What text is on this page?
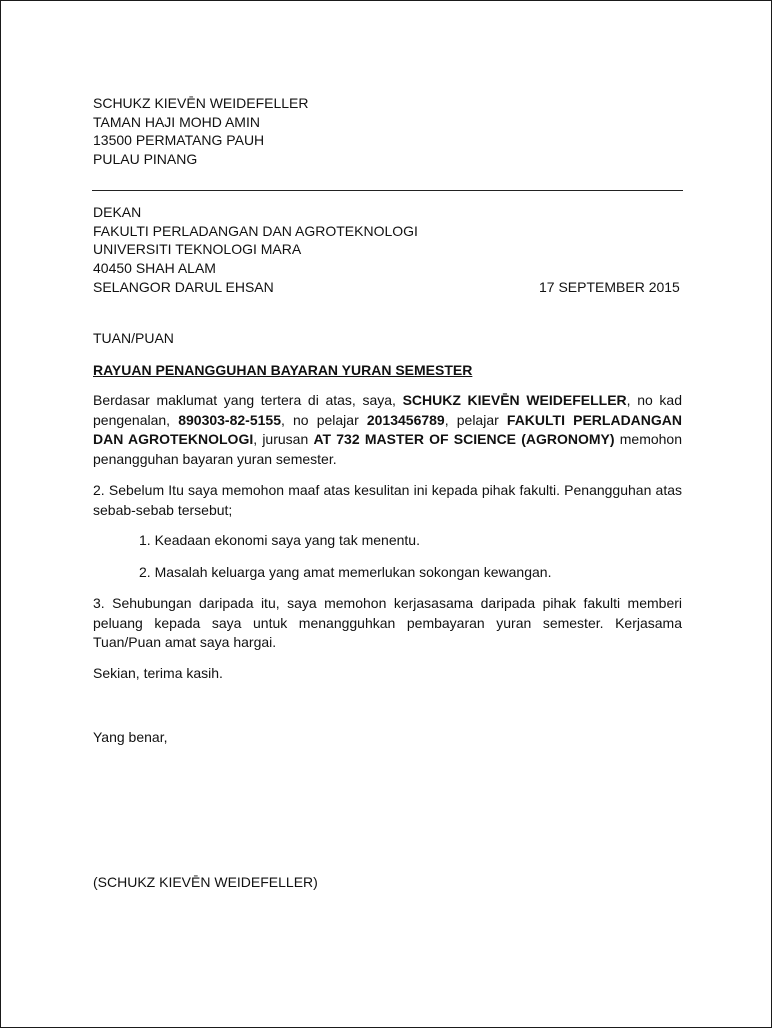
SCHUKZ KIEVĒN WEIDEFELLER
TAMAN HAJI MOHD AMIN
13500 PERMATANG PAUH
PULAU PINANG
DEKAN
FAKULTI PERLADANGAN DAN AGROTEKNOLOGI
UNIVERSITI TEKNOLOGI MARA
40450 SHAH ALAM
SELANGOR DARUL EHSAN	17 SEPTEMBER 2015
TUAN/PUAN
RAYUAN PENANGGUHAN BAYARAN YURAN SEMESTER
Berdasar maklumat yang tertera di atas, saya, SCHUKZ KIEVĒN WEIDEFELLER, no kad pengenalan, 890303-82-5155, no pelajar 2013456789, pelajar FAKULTI PERLADANGAN DAN AGROTEKNOLOGI, jurusan AT 732 MASTER OF SCIENCE (AGRONOMY) memohon penangguhan bayaran yuran semester.
2. Sebelum Itu saya memohon maaf atas kesulitan ini kepada pihak fakulti. Penangguhan atas sebab-sebab tersebut;
1. Keadaan ekonomi saya yang tak menentu.
2. Masalah keluarga yang amat memerlukan sokongan kewangan.
3. Sehubungan daripada itu, saya memohon kerjasasama daripada pihak fakulti memberi peluang kepada saya untuk menangguhkan pembayaran yuran semester. Kerjasama Tuan/Puan amat saya hargai.
Sekian, terima kasih.
Yang benar,
(SCHUKZ KIEVĒN WEIDEFELLER)
